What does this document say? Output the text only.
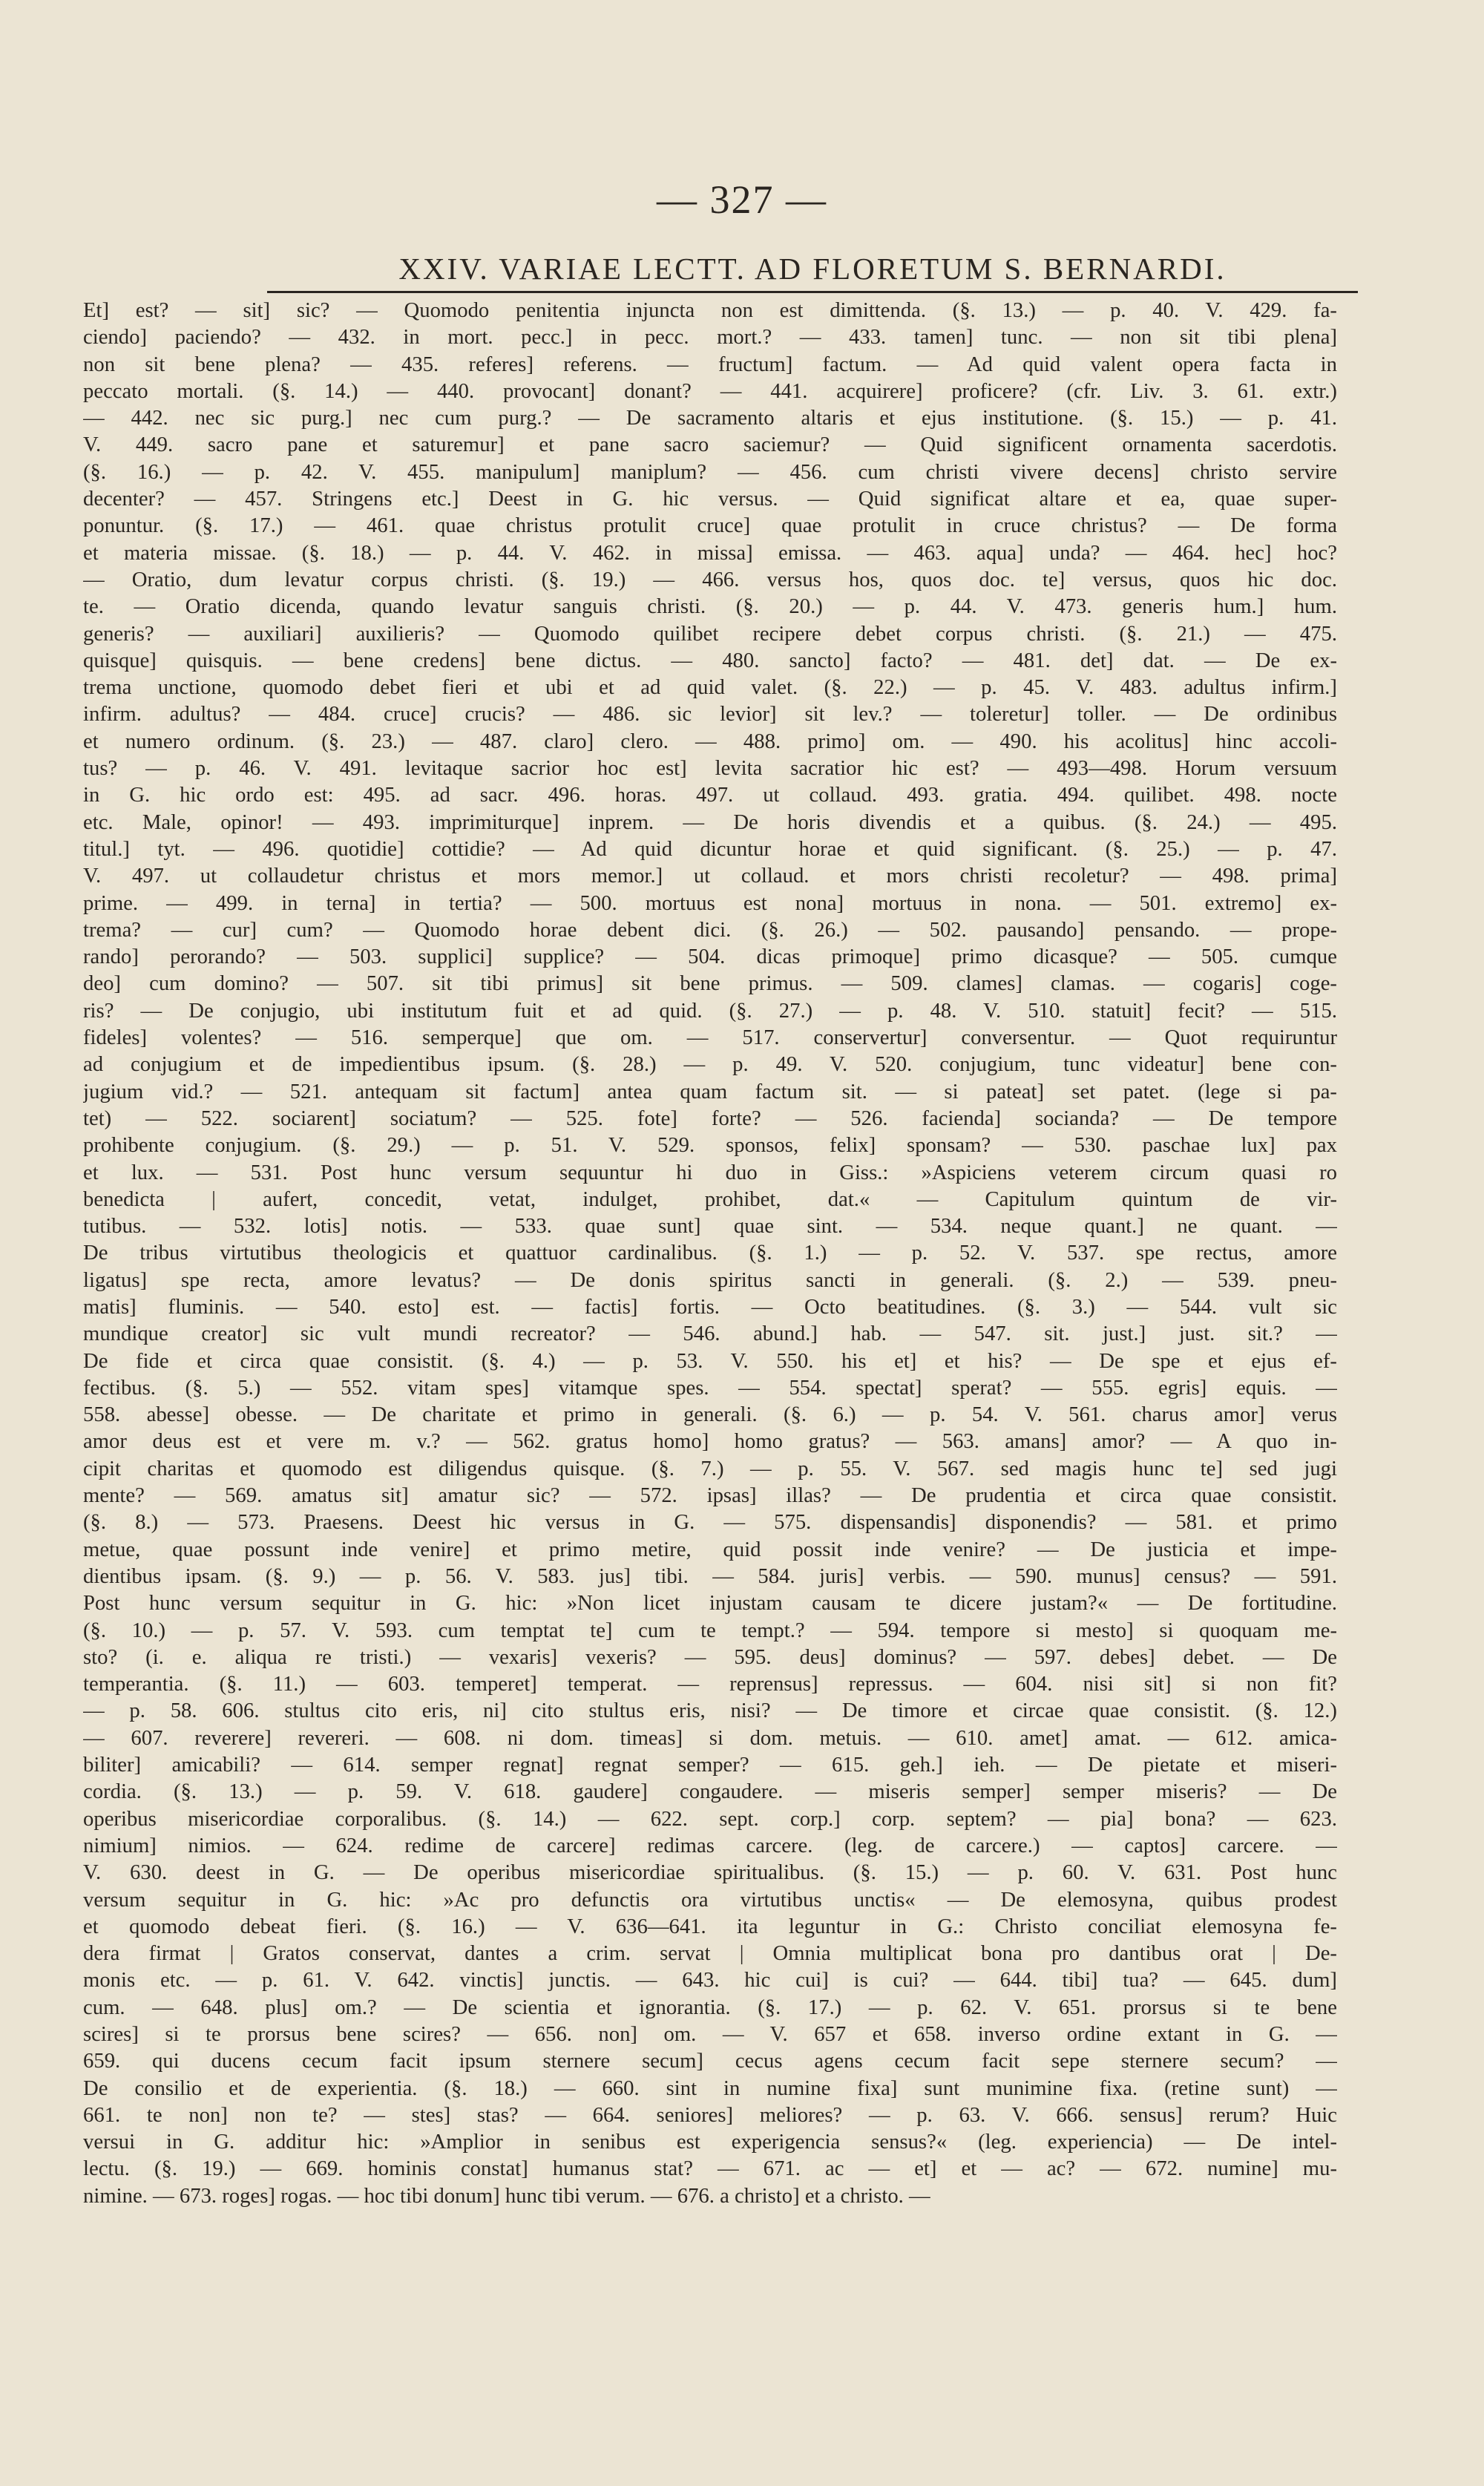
— 327 —
XXIV. VARIAE LECTT. AD FLORETUM S. BERNARDI.
Et] est? — sit] sic? — Quomodo penitentia injuncta non est dimittenda. (§. 13.) — p. 40. V. 429. fa-
ciendo] paciendo? — 432. in mort. pecc.] in pecc. mort.? — 433. tamen] tunc. — non sit tibi plena]
non sit bene plena? — 435. referes] referens. — fructum] factum. — Ad quid valent opera facta in
peccato mortali. (§. 14.) — 440. provocant] donant? — 441. acquirere] proficere? (cfr. Liv. 3. 61. extr.)
— 442. nec sic purg.] nec cum purg.? — De sacramento altaris et ejus institutione. (§. 15.) — p. 41.
V. 449. sacro pane et saturemur] et pane sacro saciemur? — Quid significent ornamenta sacerdotis.
(§. 16.) — p. 42. V. 455. manipulum] maniplum? — 456. cum christi vivere decens] christo servire
decenter? — 457. Stringens etc.] Deest in G. hic versus. — Quid significat altare et ea, quae super-
ponuntur. (§. 17.) — 461. quae christus protulit cruce] quae protulit in cruce christus? — De forma
et materia missae. (§. 18.) — p. 44. V. 462. in missa] emissa. — 463. aqua] unda? — 464. hec] hoc?
— Oratio, dum levatur corpus christi. (§. 19.) — 466. versus hos, quos doc. te] versus, quos hic doc.
te. — Oratio dicenda, quando levatur sanguis christi. (§. 20.) — p. 44. V. 473. generis hum.] hum.
generis? — auxiliari] auxilieris? — Quomodo quilibet recipere debet corpus christi. (§. 21.) — 475.
quisque] quisquis. — bene credens] bene dictus. — 480. sancto] facto? — 481. det] dat. — De ex-
trema unctione, quomodo debet fieri et ubi et ad quid valet. (§. 22.) — p. 45. V. 483. adultus infirm.]
infirm. adultus? — 484. cruce] crucis? — 486. sic levior] sit lev.? — toleretur] toller. — De ordinibus
et numero ordinum. (§. 23.) — 487. claro] clero. — 488. primo] om. — 490. his acolitus] hinc accoli-
tus? — p. 46. V. 491. levitaque sacrior hoc est] levita sacratior hic est? — 493—498. Horum versuum
in G. hic ordo est: 495. ad sacr. 496. horas. 497. ut collaud. 493. gratia. 494. quilibet. 498. nocte
etc. Male, opinor! — 493. imprimiturque] inprem. — De horis divendis et a quibus. (§. 24.) — 495.
titul.] tyt. — 496. quotidie] cottidie? — Ad quid dicuntur horae et quid significant. (§. 25.) — p. 47.
V. 497. ut collaudetur christus et mors memor.] ut collaud. et mors christi recoletur? — 498. prima]
prime. — 499. in terna] in tertia? — 500. mortuus est nona] mortuus in nona. — 501. extremo] ex-
trema? — cur] cum? — Quomodo horae debent dici. (§. 26.) — 502. pausando] pensando. — prope-
rando] perorando? — 503. supplici] supplice? — 504. dicas primoque] primo dicasque? — 505. cumque
deo] cum domino? — 507. sit tibi primus] sit bene primus. — 509. clames] clamas. — cogaris] coge-
ris? — De conjugio, ubi institutum fuit et ad quid. (§. 27.) — p. 48. V. 510. statuit] fecit? — 515.
fideles] volentes? — 516. semperque] que om. — 517. conservertur] conversentur. — Quot requiruntur
ad conjugium et de impedientibus ipsum. (§. 28.) — p. 49. V. 520. conjugium, tunc videatur] bene con-
jugium vid.? — 521. antequam sit factum] antea quam factum sit. — si pateat] set patet. (lege si pa-
tet) — 522. sociarent] sociatum? — 525. fote] forte? — 526. facienda] socianda? — De tempore
prohibente conjugium. (§. 29.) — p. 51. V. 529. sponsos, felix] sponsam? — 530. paschae lux] pax
et lux. — 531. Post hunc versum sequuntur hi duo in Giss.: »Aspiciens veterem circum quasi ro
benedicta | aufert, concedit, vetat, indulget, prohibet, dat.« — Capitulum quintum de vir-
tutibus. — 532. lotis] notis. — 533. quae sunt] quae sint. — 534. neque quant.] ne quant. —
De tribus virtutibus theologicis et quattuor cardinalibus. (§. 1.) — p. 52. V. 537. spe rectus, amore
ligatus] spe recta, amore levatus? — De donis spiritus sancti in generali. (§. 2.) — 539. pneu-
matis] fluminis. — 540. esto] est. — factis] fortis. — Octo beatitudines. (§. 3.) — 544. vult sic
mundique creator] sic vult mundi recreator? — 546. abund.] hab. — 547. sit. just.] just. sit.? —
De fide et circa quae consistit. (§. 4.) — p. 53. V. 550. his et] et his? — De spe et ejus ef-
fectibus. (§. 5.) — 552. vitam spes] vitamque spes. — 554. spectat] sperat? — 555. egris] equis. —
558. abesse] obesse. — De charitate et primo in generali. (§. 6.) — p. 54. V. 561. charus amor] verus
amor deus est et vere m. v.? — 562. gratus homo] homo gratus? — 563. amans] amor? — A quo in-
cipit charitas et quomodo est diligendus quisque. (§. 7.) — p. 55. V. 567. sed magis hunc te] sed jugi
mente? — 569. amatus sit] amatur sic? — 572. ipsas] illas? — De prudentia et circa quae consistit.
(§. 8.) — 573. Praesens. Deest hic versus in G. — 575. dispensandis] disponendis? — 581. et primo
metue, quae possunt inde venire] et primo metire, quid possit inde venire? — De justicia et impe-
dientibus ipsam. (§. 9.) — p. 56. V. 583. jus] tibi. — 584. juris] verbis. — 590. munus] census? — 591.
Post hunc versum sequitur in G. hic: »Non licet injustam causam te dicere justam?« — De fortitudine.
(§. 10.) — p. 57. V. 593. cum temptat te] cum te tempt.? — 594. tempore si mesto] si quoquam me-
sto? (i. e. aliqua re tristi.) — vexaris] vexeris? — 595. deus] dominus? — 597. debes] debet. — De
temperantia. (§. 11.) — 603. temperet] temperat. — reprensus] repressus. — 604. nisi sit] si non fit?
— p. 58. 606. stultus cito eris, ni] cito stultus eris, nisi? — De timore et circae quae consistit. (§. 12.)
— 607. reverere] revereri. — 608. ni dom. timeas] si dom. metuis. — 610. amet] amat. — 612. amica-
biliter] amicabili? — 614. semper regnat] regnat semper? — 615. geh.] ieh. — De pietate et miseri-
cordia. (§. 13.) — p. 59. V. 618. gaudere] congaudere. — miseris semper] semper miseris? — De
operibus misericordiae corporalibus. (§. 14.) — 622. sept. corp.] corp. septem? — pia] bona? — 623.
nimium] nimios. — 624. redime de carcere] redimas carcere. (leg. de carcere.) — captos] carcere. —
V. 630. deest in G. — De operibus misericordiae spiritualibus. (§. 15.) — p. 60. V. 631. Post hunc
versum sequitur in G. hic: »Ac pro defunctis ora virtutibus unctis« — De elemosyna, quibus prodest
et quomodo debeat fieri. (§. 16.) — V. 636—641. ita leguntur in G.: Christo conciliat elemosyna fe-
dera firmat | Gratos conservat, dantes a crim. servat | Omnia multiplicat bona pro dantibus orat | De-
monis etc. — p. 61. V. 642. vinctis] junctis. — 643. hic cui] is cui? — 644. tibi] tua? — 645. dum]
cum. — 648. plus] om.? — De scientia et ignorantia. (§. 17.) — p. 62. V. 651. prorsus si te bene
scires] si te prorsus bene scires? — 656. non] om. — V. 657 et 658. inverso ordine extant in G. —
659. qui ducens cecum facit ipsum sternere secum] cecus agens cecum facit sepe sternere secum? —
De consilio et de experientia. (§. 18.) — 660. sint in numine fixa] sunt munimine fixa. (retine sunt) —
661. te non] non te? — stes] stas? — 664. seniores] meliores? — p. 63. V. 666. sensus] rerum? Huic
versui in G. additur hic: »Amplior in senibus est experigencia sensus?« (leg. experiencia) — De intel-
lectu. (§. 19.) — 669. hominis constat] humanus stat? — 671. ac — et] et — ac? — 672. numine] mu-
nimine. — 673. roges] rogas. — hoc tibi donum] hunc tibi verum. — 676. a christo] et a christo. —
